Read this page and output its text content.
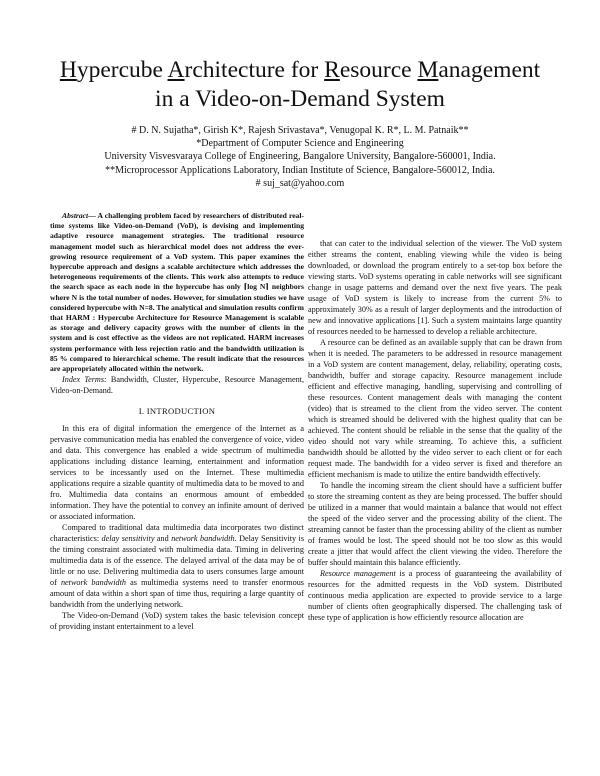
Hypercube Architecture for Resource Management
in a Video-on-Demand System
# D. N. Sujatha*, Girish K*, Rajesh Srivastava*, Venugopal K. R*, L. M. Patnaik**
*Department of Computer Science and Engineering
University Visvesvaraya College of Engineering, Bangalore University, Bangalore-560001, India.
**Microprocessor Applications Laboratory, Indian Institute of Science, Bangalore-560012, India.
# suj_sat@yahoo.com

Abstract— A challenging problem faced by researchers of distributed real-time systems like Video-on-Demand (VoD), is devising and implementing adaptive resource management strategies. The traditional resource management model such as hierarchical model does not address the ever-growing resource requirement of a VoD system. This paper examines the hypercube approach and designs a scalable architecture which addresses the heterogeneous requirements of the clients. This work also attempts to reduce the search space as each node in the hypercube has only ⌈log N⌉ neighbors where N is the total number of nodes. However, for simulation studies we have considered hypercube with N=8. The analytical and simulation results confirm that HARM : Hypercube Architecture for Resource Management is scalable as storage and delivery capacity grows with the number of clients in the system and is cost effective as the videos are not replicated. HARM increases system performance with less rejection ratio and the bandwidth utilization is 85 % compared to hierarchical scheme. The result indicate that the resources are appropriately allocated within the network.

Index Terms: Bandwidth, Cluster, Hypercube, Resource Management, Video-on-Demand.

I. INTRODUCTION

In this era of digital information the emergence of the Internet as a pervasive communication media has enabled the convergence of voice, video and data. This convergence has enabled a wide spectrum of multimedia applications including distance learning, entertainment and information services to be incessantly used on the Internet. These multimedia applications require a sizable quantity of multimedia data to be moved to and fro. Multimedia data contains an enormous amount of embedded information. They have the potential to convey an infinite amount of derived or associated information.

Compared to traditional data multimedia data incorporates two distinct characteristics: delay sensitivity and network bandwidth. Delay Sensitivity is the timing constraint associated with multimedia data. Timing in delivering multimedia data is of the essence. The delayed arrival of the data may be of little or no use. Delivering multimedia data to users consumes large amount of network bandwidth as multimedia systems need to transfer enormous amount of data within a short span of time thus, requiring a large quantity of bandwidth from the underlying network.

The Video-on-Demand (VoD) system takes the basic television concept of providing instant entertainment to a level

that can cater to the individual selection of the viewer. The VoD system either streams the content, enabling viewing while the video is being downloaded, or download the program entirely to a set-top box before the viewing starts. VoD systems operating in cable networks will see significant change in usage patterns and demand over the next five years. The peak usage of VoD system is likely to increase from the current 5% to approximately 30% as a result of larger deployments and the introduction of new and innovative applications [1]. Such a system maintains large quantity of resources needed to be harnessed to develop a reliable architecture.

A resource can be defined as an available supply that can be drawn from when it is needed. The parameters to be addressed in resource management in a VoD system are content management, delay, reliability, operating costs, bandwidth, buffer and storage capacity. Resource management include efficient and effective managing, handling, supervising and controlling of these resources. Content management deals with managing the content (video) that is streamed to the client from the video server. The content which is streamed should be delivered with the highest quality that can be achieved. The content should be reliable in the sense that the quality of the video should not vary while streaming. To achieve this, a sufficient bandwidth should be allotted by the video server to each client or for each request made. The bandwidth for a video server is fixed and therefore an efficient mechanism is made to utilize the entire bandwidth effectively.

To handle the incoming stream the client should have a sufficient buffer to store the streaming content as they are being processed. The buffer should be utilized in a manner that would maintain a balance that would not effect the speed of the video server and the processing ability of the client. The streaming cannot be faster than the processing ability of the client as number of frames would be lost. The speed should not be too slow as this would create a jitter that would affect the client viewing the video. Therefore the buffer should maintain this balance efficiently.

Resource management is a process of guaranteeing the availability of resources for the admitted requests in the VoD system. Distributed continuous media application are expected to provide service to a large number of clients often geographically dispersed. The challenging task of these type of application is how efficiently resource allocation are
